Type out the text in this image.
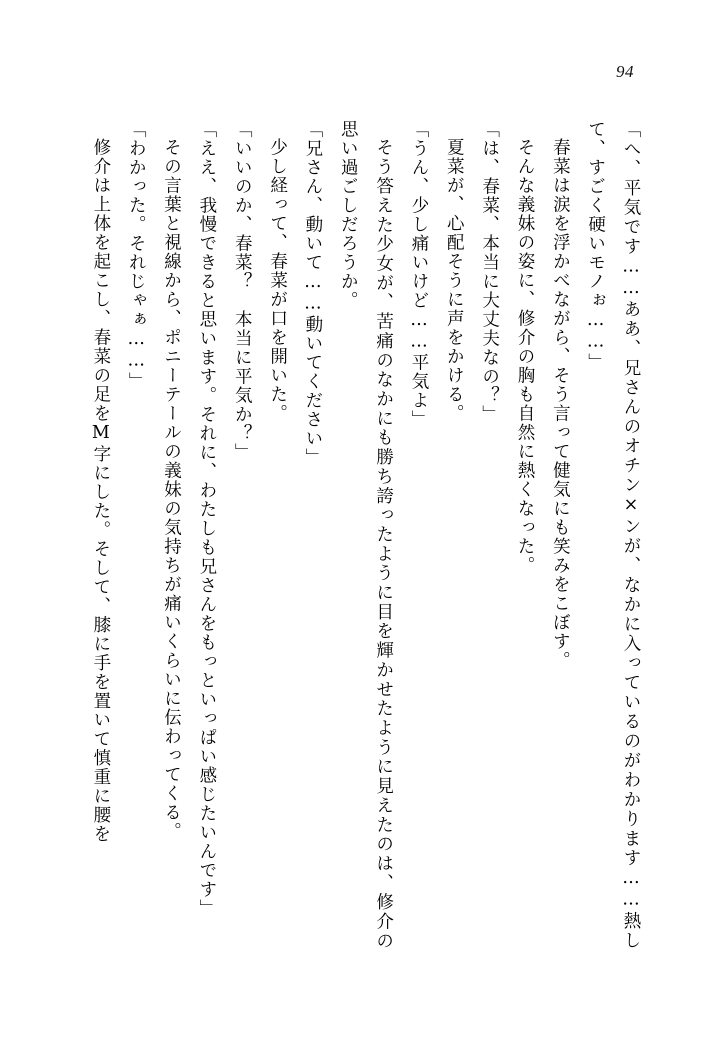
94

「へ、平気です……ああ、兄さんのオチン×ンが、なかに入っているのがわかります……熱して、すごく硬いモノぉ……」

春菜は涙を浮かべながら、そう言って健気にも笑みをこぼす。

そんな義妹の姿に、修介の胸も自然に熱くなった。

「は、春菜、本当に大丈夫なの？」

夏菜が、心配そうに声をかける。

「うん、少し痛いけど……平気よ」

そう答えた少女が、苦痛のなかにも勝ち誇ったように目を輝かせたように見えたのは、修介の思い過ごしだろうか。

「兄さん、動いて……動いてください」

少し経って、春菜が口を開いた。

「いいのか、春菜？　本当に平気か？」

「ええ、我慢できると思います。それに、わたしも兄さんをもっといっぱい感じたいんです」

その言葉と視線から、ポニーテールの義妹の気持ちが痛いくらいに伝わってくる。

「わかった。それじゃぁ……」

修介は上体を起こし、春菜の足をM字にした。そして、膝に手を置いて慎重に腰を
